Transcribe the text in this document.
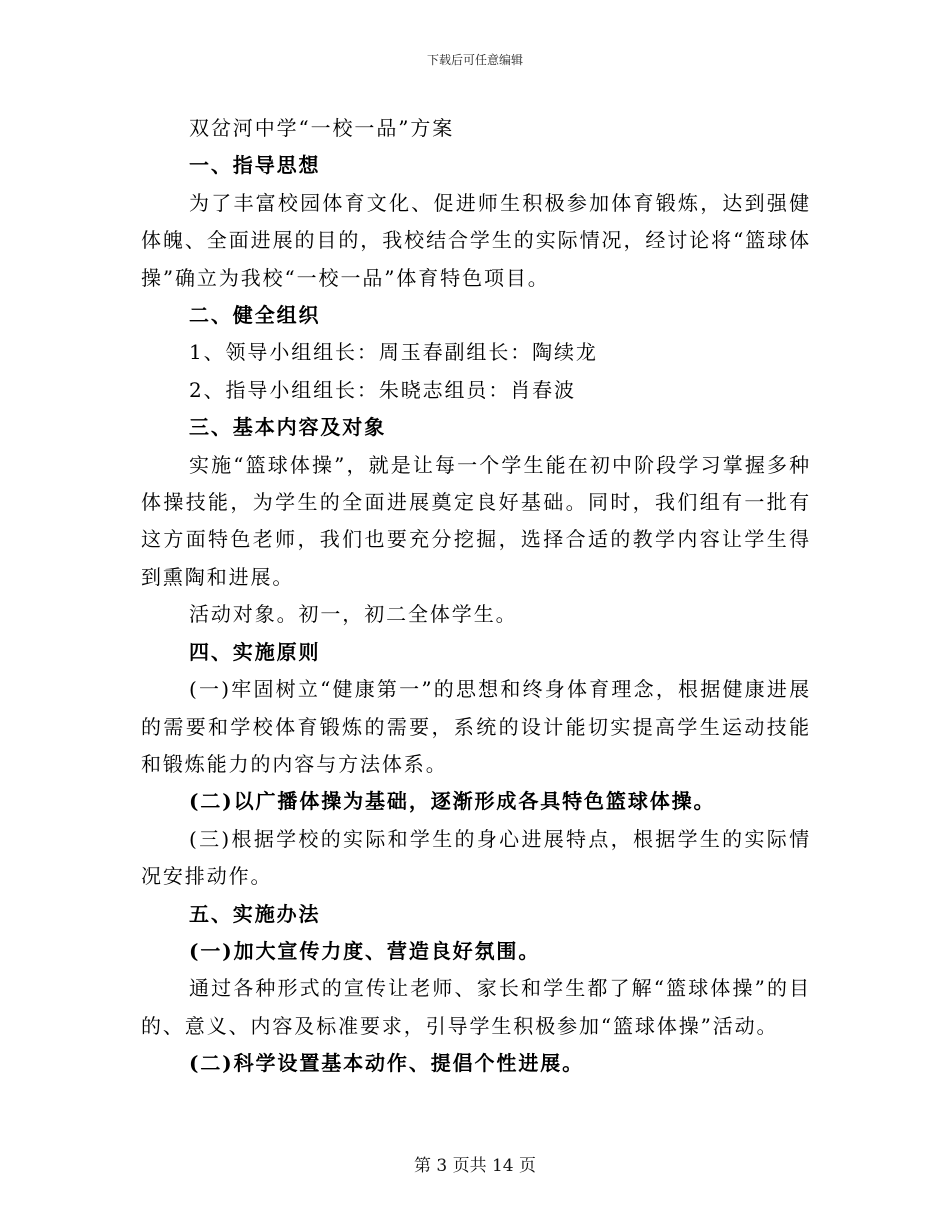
下载后可任意编辑

双岔河中学“一校一品”方案

一、指导思想

为了丰富校园体育文化、促进师生积极参加体育锻炼，达到强健体魄、全面进展的目的，我校结合学生的实际情况，经讨论将“篮球体操”确立为我校“一校一品”体育特色项目。

二、健全组织

1、领导小组组长：周玉春副组长：陶续龙

2、指导小组组长：朱晓志组员：肖春波

三、基本内容及对象

实施“篮球体操”，就是让每一个学生能在初中阶段学习掌握多种体操技能，为学生的全面进展奠定良好基础。同时，我们组有一批有这方面特色老师，我们也要充分挖掘，选择合适的教学内容让学生得到熏陶和进展。

活动对象。初一，初二全体学生。

四、实施原则

(一)牢固树立“健康第一”的思想和终身体育理念，根据健康进展的需要和学校体育锻炼的需要，系统的设计能切实提高学生运动技能和锻炼能力的内容与方法体系。

(二)以广播体操为基础，逐渐形成各具特色篮球体操。

(三)根据学校的实际和学生的身心进展特点，根据学生的实际情况安排动作。

五、实施办法

(一)加大宣传力度、营造良好氛围。

通过各种形式的宣传让老师、家长和学生都了解“篮球体操”的目的、意义、内容及标准要求，引导学生积极参加“篮球体操”活动。

(二)科学设置基本动作、提倡个性进展。

第 3 页共 14 页
